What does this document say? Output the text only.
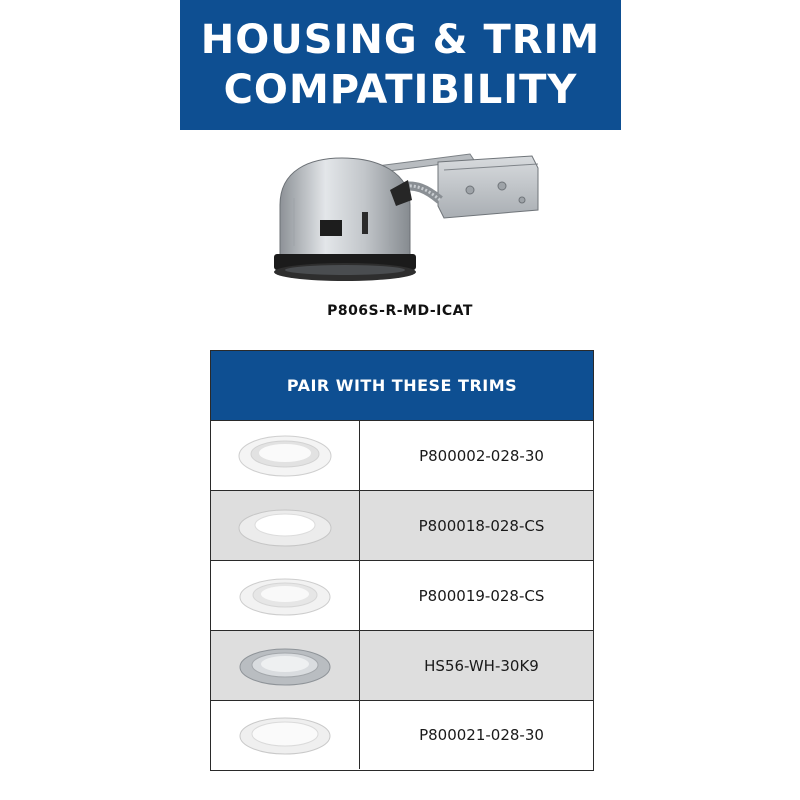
HOUSING & TRIM
COMPATIBILITY
P806S-R-MD-ICAT
PAIR WITH THESE TRIMS
P800002-028-30
P800018-028-CS
P800019-028-CS
HS56-WH-30K9
P800021-028-30
